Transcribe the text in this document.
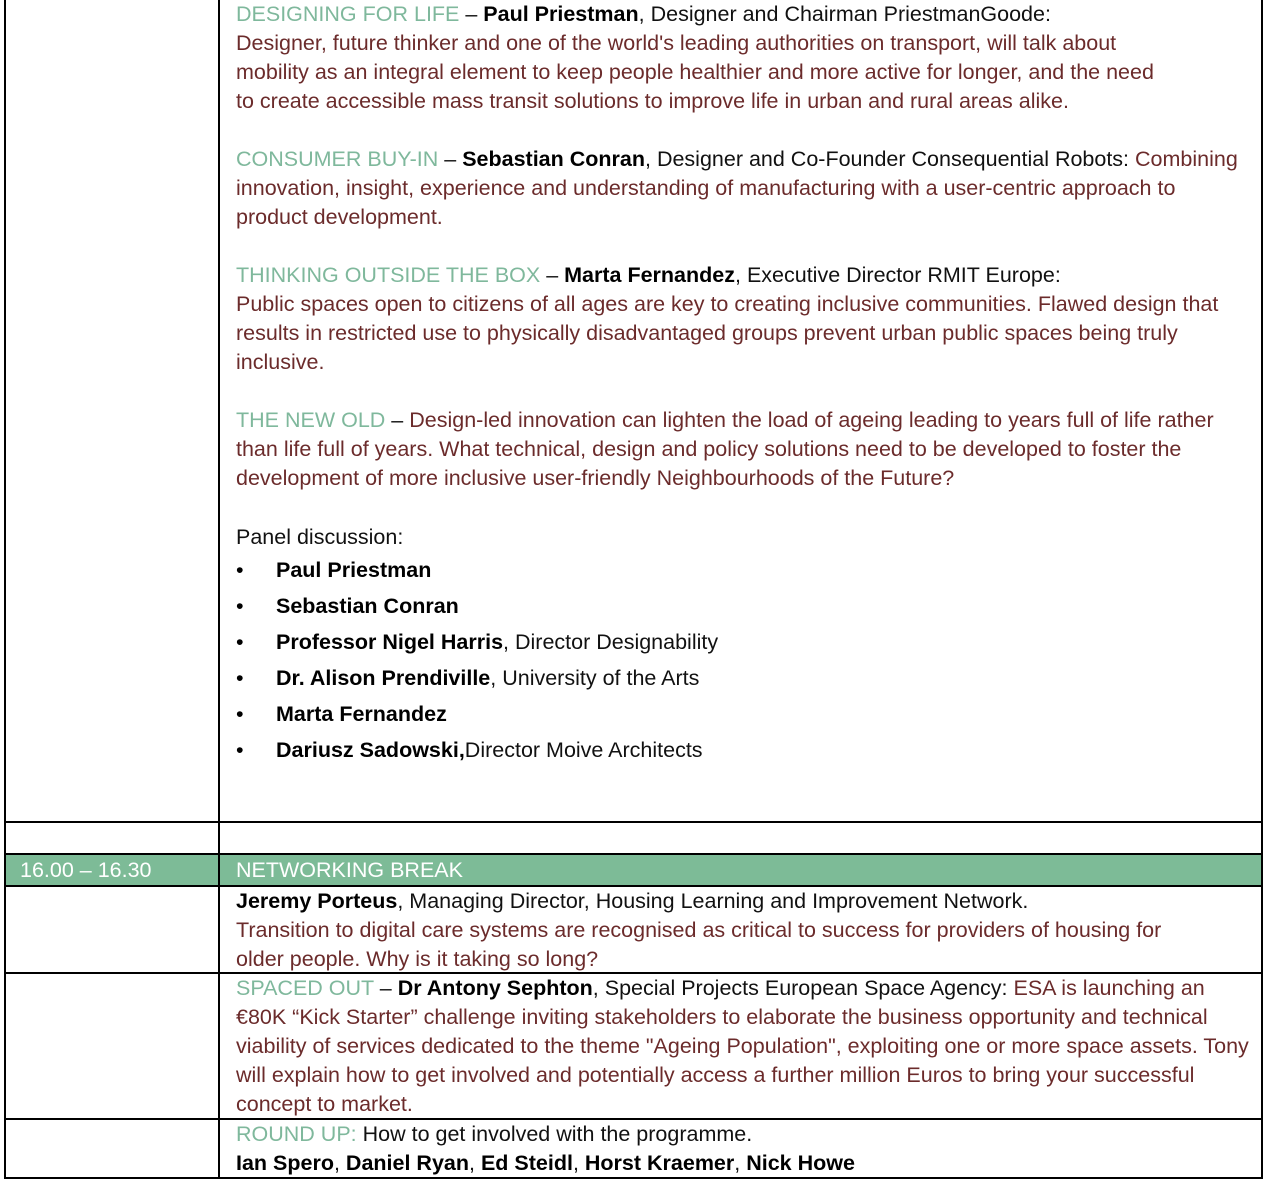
DESIGNING FOR LIFE – Paul Priestman, Designer and Chairman PriestmanGoode:

Designer, future thinker and one of the world's leading authorities on transport, will talk about mobility as an integral element to keep people healthier and more active for longer, and the need to create accessible mass transit solutions to improve life in urban and rural areas alike.

CONSUMER BUY-IN – Sebastian Conran, Designer and Co-Founder Consequential Robots: Combining innovation, insight, experience and understanding of manufacturing with a user-centric approach to product development.

THINKING OUTSIDE THE BOX – Marta Fernandez, Executive Director RMIT Europe:
Public spaces open to citizens of all ages are key to creating inclusive communities. Flawed design that results in restricted use to physically disadvantaged groups prevent urban public spaces being truly inclusive.

THE NEW OLD – Design-led innovation can lighten the load of ageing leading to years full of life rather than life full of years. What technical, design and policy solutions need to be developed to foster the development of more inclusive user-friendly Neighbourhoods of the Future?

Panel discussion:
•	Paul Priestman
•	Sebastian Conran
•	Professor Nigel Harris , Director Designability
•	Dr. Alison Prendiville , University of the Arts
•	Marta Fernandez
•	Dariusz Sadowski, Director Moive Architects
16.00 – 16.30	NETWORKING BREAK
Jeremy Porteus, Managing Director, Housing Learning and Improvement Network.

Transition to digital care systems are recognised as critical to success for providers of housing for older people. Why is it taking so long?
SPACED OUT – Dr Antony Sephton, Special Projects European Space Agency: ESA is launching an €80K “Kick Starter” challenge inviting stakeholders to elaborate the business opportunity and technical viability of services dedicated to the theme "Ageing Population", exploiting one or more space assets. Tony will explain how to get involved and potentially access a further million Euros to bring your successful concept to market.
ROUND UP: How to get involved with the programme.
Ian Spero, Daniel Ryan, Ed Steidl, Horst Kraemer, Nick Howe
